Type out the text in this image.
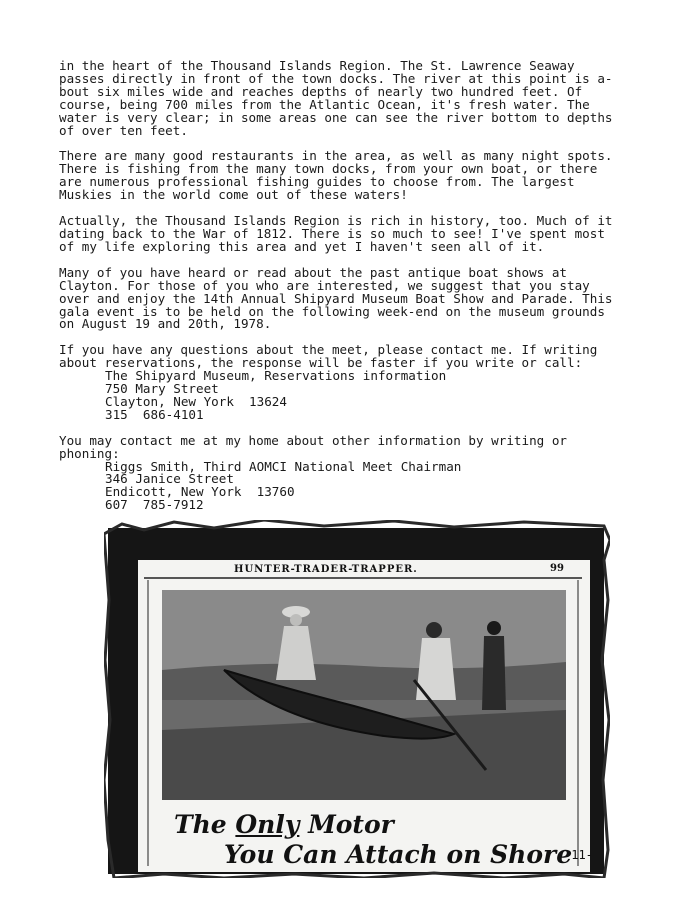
in the heart of the Thousand Islands Region. The St. Lawrence Seaway
passes directly in front of the town docks. The river at this point is a-
bout six miles wide and reaches depths of nearly two hundred feet. Of
course, being 700 miles from the Atlantic Ocean, it's fresh water. The
water is very clear; in some areas one can see the river bottom to depths
of over ten feet.

There are many good restaurants in the area, as well as many night spots.
There is fishing from the many town docks, from your own boat, or there
are numerous professional fishing guides to choose from. The largest
Muskies in the world come out of these waters!

Actually, the Thousand Islands Region is rich in history, too. Much of it
dating back to the War of 1812. There is so much to see! I've spent most
of my life exploring this area and yet I haven't seen all of it.

Many of you have heard or read about the past antique boat shows at
Clayton. For those of you who are interested, we suggest that you stay
over and enjoy the 14th Annual Shipyard Museum Boat Show and Parade. This
gala event is to be held on the following week-end on the museum grounds
on August 19 and 20th, 1978.

If you have any questions about the meet, please contact me. If writing
about reservations, the response will be faster if you write or call:

The Shipyard Museum, Reservations information
750 Mary Street
Clayton, New York  13624
315  686-4101

You may contact me at my home about other information by writing or
phoning:

Riggs Smith, Third AOMCI National Meet Chairman
346 Janice Street
Endicott, New York  13760
607  785-7912
HUNTER-TRADER-TRAPPER.	99
The Only Motor
You Can Attach on Shore
-11-
